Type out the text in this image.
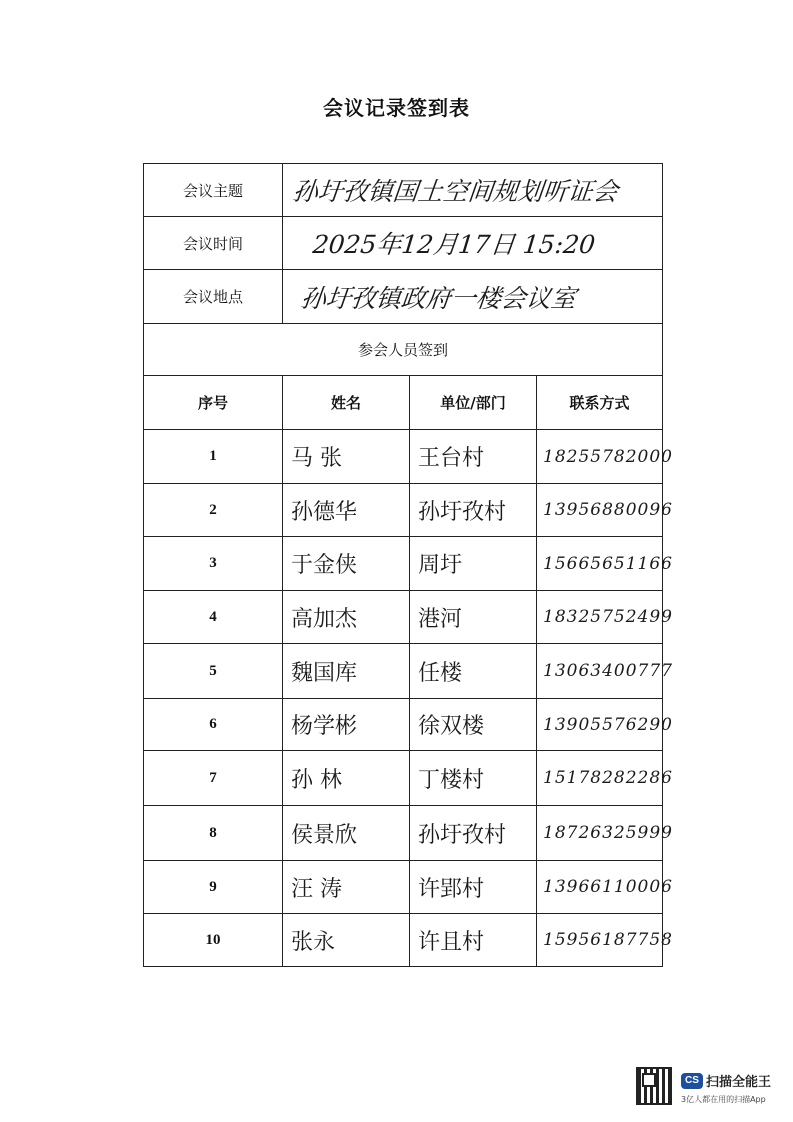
会议记录签到表
会议主题	孙圩孜镇国土空间规划听证会		

会议时间	2025年12月17日 15:20		

会议地点	孙圩孜镇政府一楼会议室		

参会人员签到			
序号	姓名	单位/部门	联系方式
1	马 张	王台村	18255782000

2	孙德华	孙圩孜村	13956880096

3	于金侠	周圩	15665651166

4	高加杰	港河	18325752499

5	魏国库	任楼	13063400777

6	杨学彬	徐双楼	13905576290

7	孙 林	丁楼村	15178282286

8	侯景欣	孙圩孜村	18726325999

9	汪 涛	许郢村	13966110006

10	张永	许且村	15956187758
CS 扫描全能王
3亿人都在用的扫描App
